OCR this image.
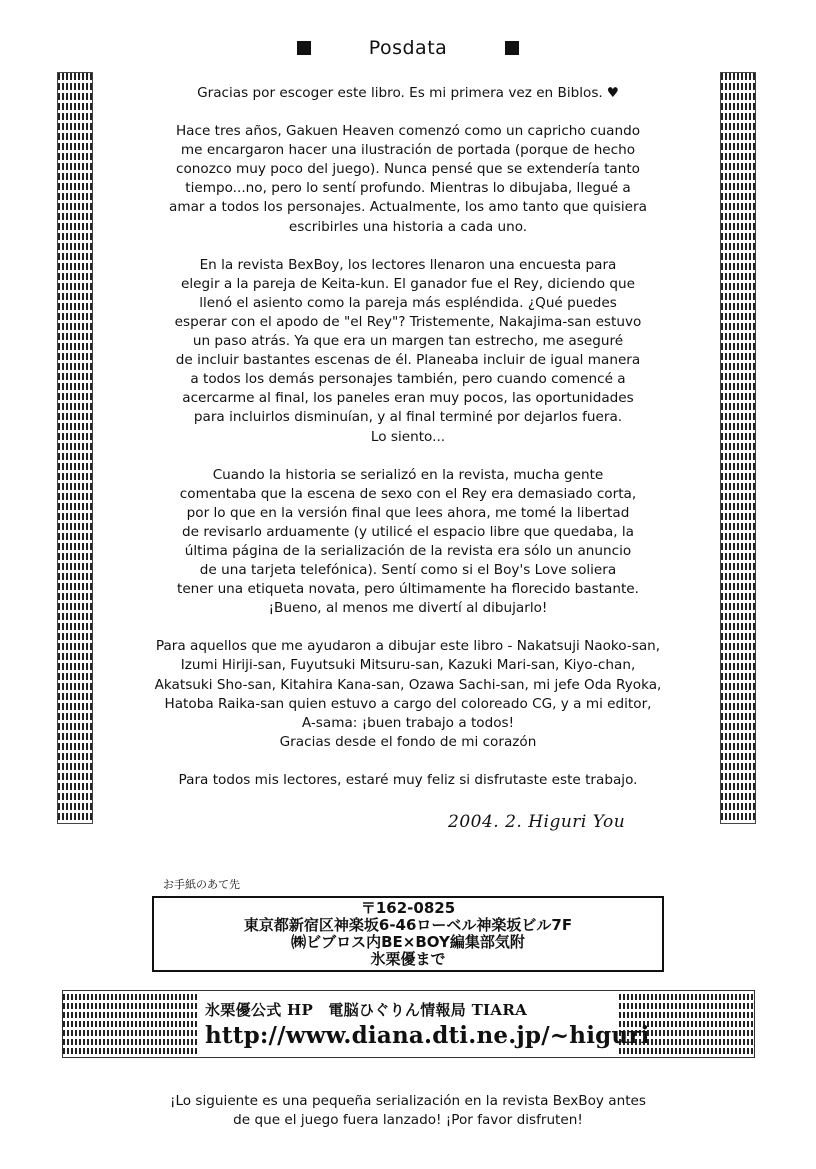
Posdata

Gracias por escoger este libro. Es mi primera vez en Biblos. ♥

Hace tres años, Gakuen Heaven comenzó como un capricho cuando
me encargaron hacer una ilustración de portada (porque de hecho
conozco muy poco del juego). Nunca pensé que se extendería tanto
tiempo...no, pero lo sentí profundo. Mientras lo dibujaba, llegué a
amar a todos los personajes. Actualmente, los amo tanto que quisiera
escribirles una historia a cada uno.

En la revista BexBoy, los lectores llenaron una encuesta para
elegir a la pareja de Keita-kun. El ganador fue el Rey, diciendo que
llenó el asiento como la pareja más espléndida. ¿Qué puedes
esperar con el apodo de "el Rey"? Tristemente, Nakajima-san estuvo
un paso atrás. Ya que era un margen tan estrecho, me aseguré
de incluir bastantes escenas de él. Planeaba incluir de igual manera
a todos los demás personajes también, pero cuando comencé a
acercarme al final, los paneles eran muy pocos, las oportunidades
para incluirlos disminuían, y al final terminé por dejarlos fuera.
Lo siento...

Cuando la historia se serializó en la revista, mucha gente
comentaba que la escena de sexo con el Rey era demasiado corta,
por lo que en la versión final que lees ahora, me tomé la libertad
de revisarlo arduamente (y utilicé el espacio libre que quedaba, la
última página de la serialización de la revista era sólo un anuncio
de una tarjeta telefónica). Sentí como si el Boy's Love soliera
tener una etiqueta novata, pero últimamente ha florecido bastante.
¡Bueno, al menos me divertí al dibujarlo!

Para aquellos que me ayudaron a dibujar este libro - Nakatsuji Naoko-san,
Izumi Hiriji-san, Fuyutsuki Mitsuru-san, Kazuki Mari-san, Kiyo-chan,
Akatsuki Sho-san, Kitahira Kana-san, Ozawa Sachi-san, mi jefe Oda Ryoka,
Hatoba Raika-san quien estuvo a cargo del coloreado CG, y a mi editor,
A-sama: ¡buen trabajo a todos!
Gracias desde el fondo de mi corazón

Para todos mis lectores, estaré muy feliz si disfrutaste este trabajo.

2004. 2. Higuri You
お手紙のあて先
〒162-0825
東京都新宿区神楽坂6-46ローベル神楽坂ビル7F
㈱ビブロス内BE×BOY編集部気附
氷栗優まで
氷栗優公式 HP　電脳ひぐりん情報局 TIARA
http://www.diana.dti.ne.jp/~higuri
¡Lo siguiente es una pequeña serialización en la revista BexBoy antes
de que el juego fuera lanzado! ¡Por favor disfruten!
